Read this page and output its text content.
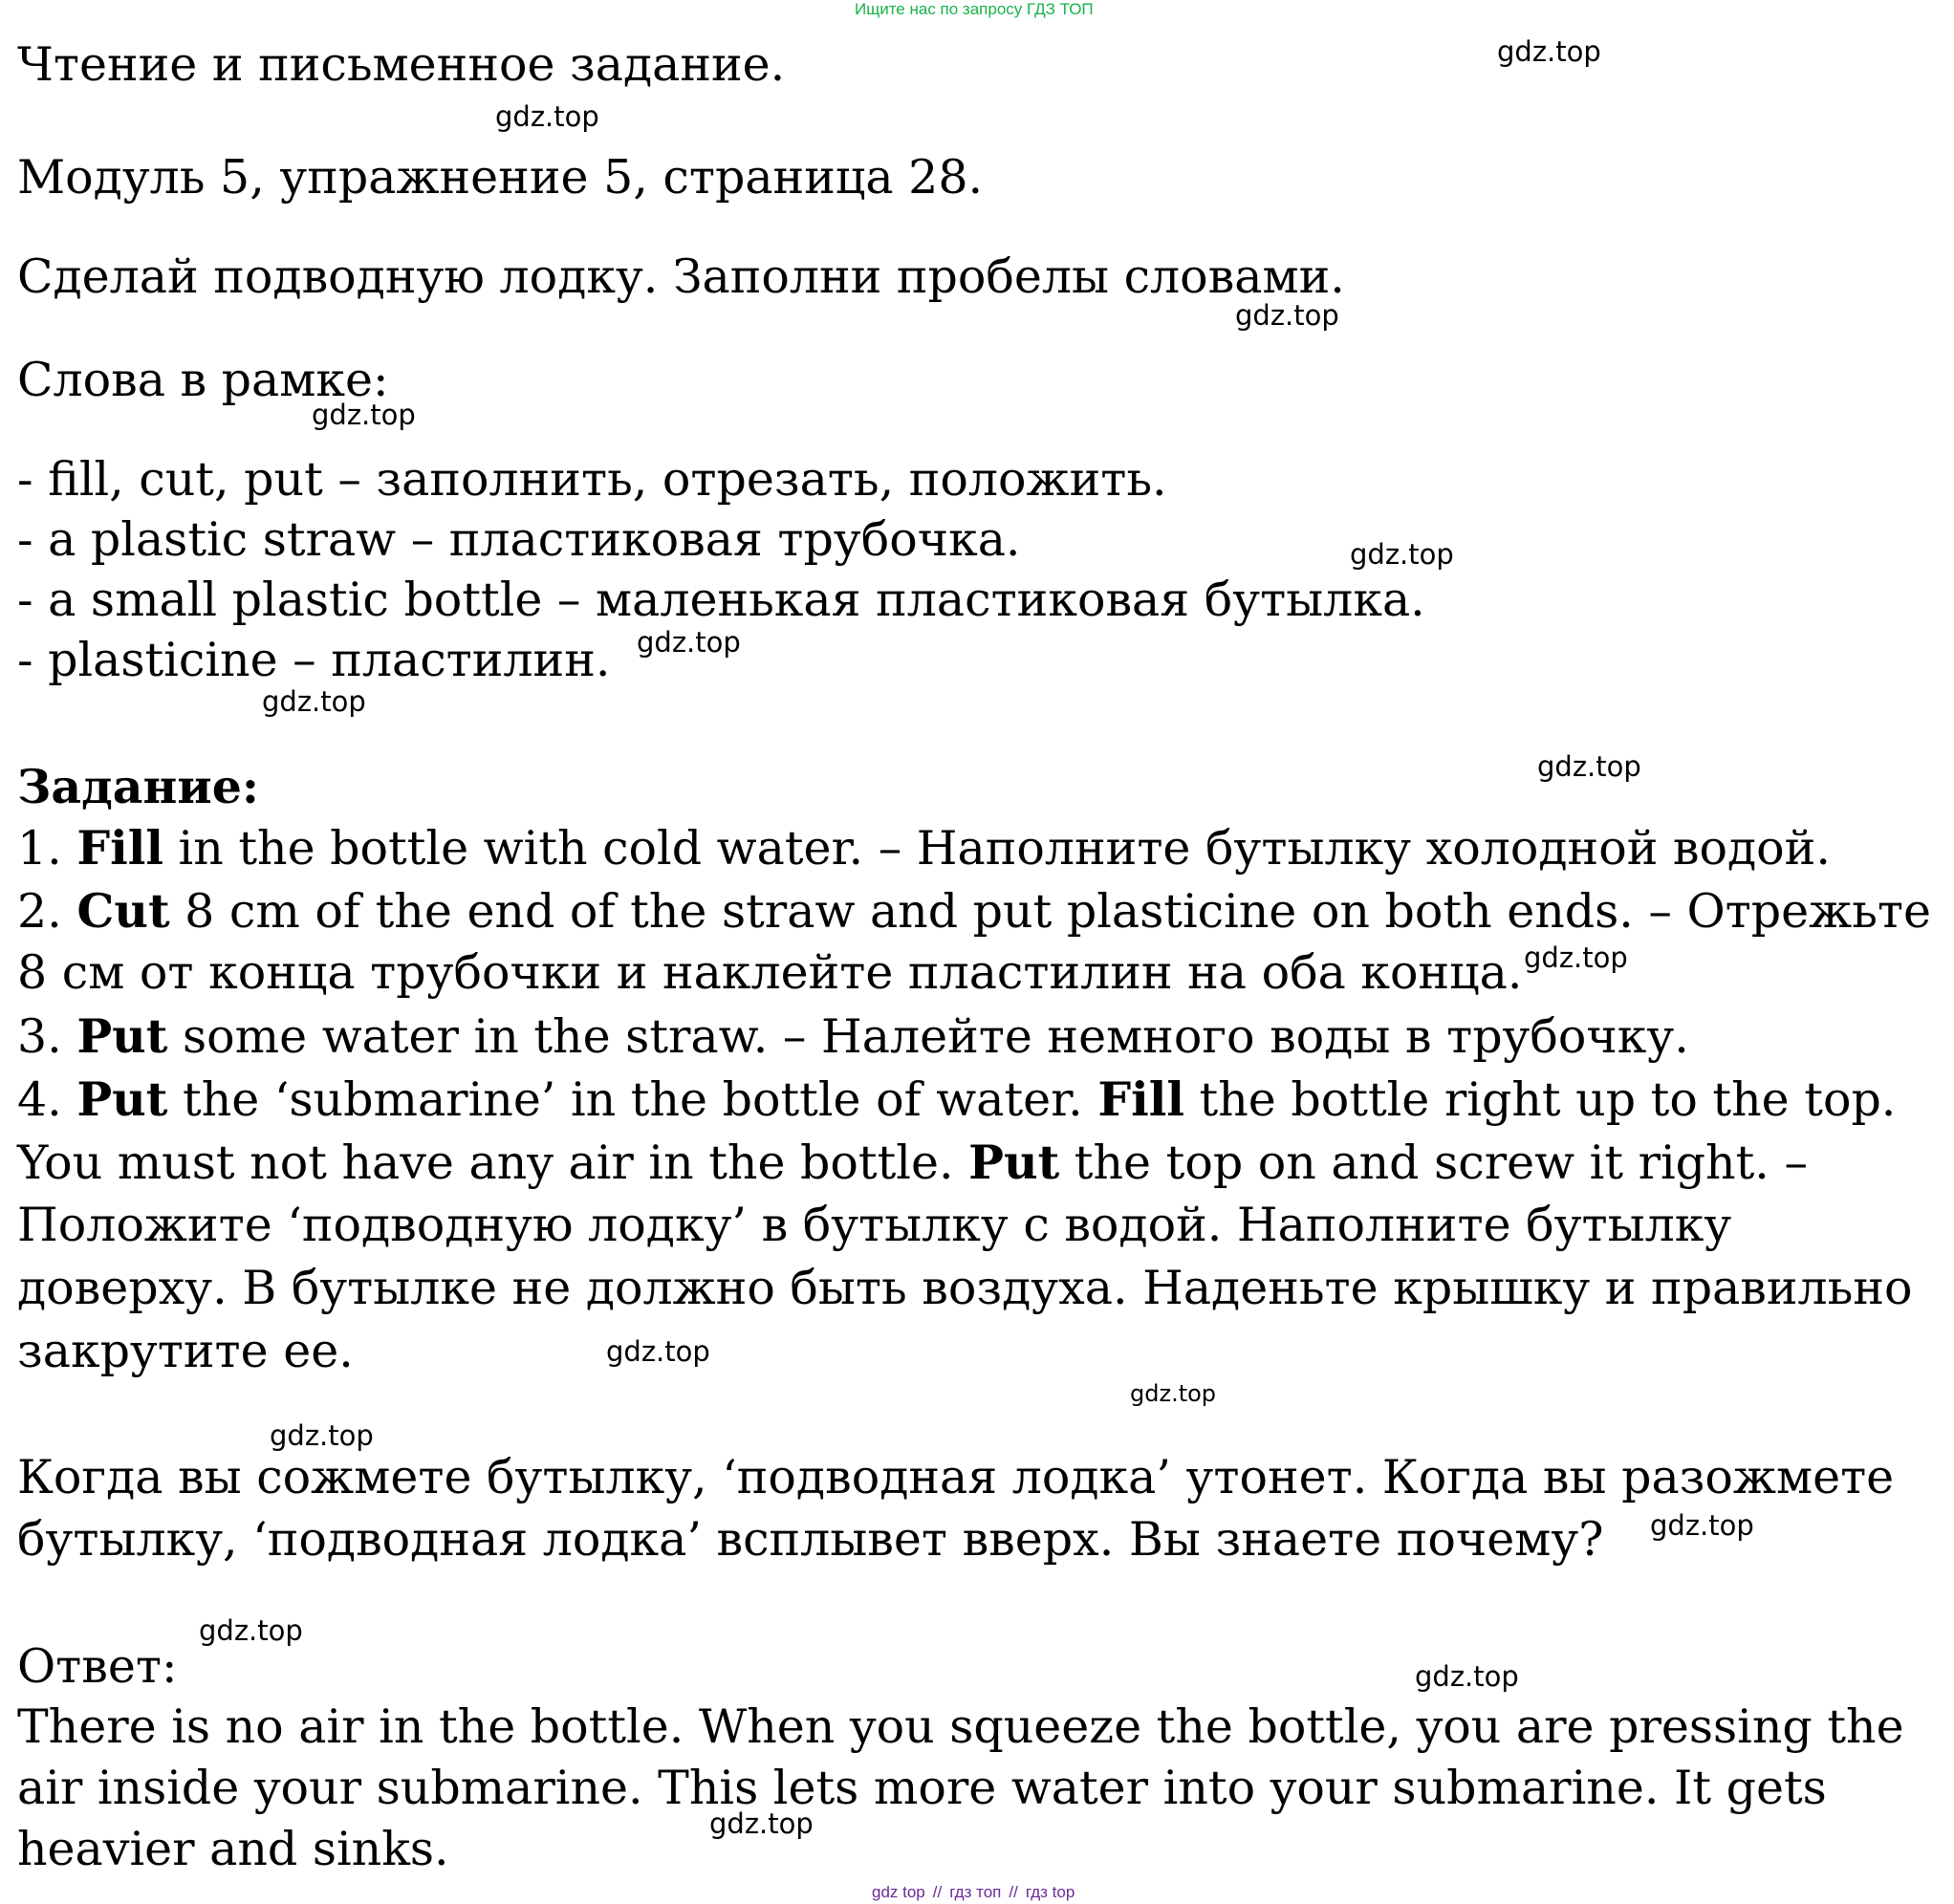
Ищите нас по запросу ГДЗ ТОП
Чтение и письменное задание.
Модуль 5, упражнение 5, страница 28.
Сделай подводную лодку. Заполни пробелы словами.
Слова в рамке:
- fill, cut, put – заполнить, отрезать, положить.
- a plastic straw – пластиковая трубочка.
- a small plastic bottle – маленькая пластиковая бутылка.
- plasticine – пластилин.
Задание:
1. Fill in the bottle with cold water. – Наполните бутылку холодной водой.
2. Cut 8 cm of the end of the straw and put plasticine on both ends. – Отрежьте
8 см от конца трубочки и наклейте пластилин на оба конца.
3. Put some water in the straw. – Налейте немного воды в трубочку.
4. Put the ‘submarine’ in the bottle of water. Fill the bottle right up to the top.
You must not have any air in the bottle. Put the top on and screw it right. –
Положите ‘подводную лодку’ в бутылку с водой. Наполните бутылку
доверху. В бутылке не должно быть воздуха. Наденьте крышку и правильно
закрутите ее.
Когда вы сожмете бутылку, ‘подводная лодка’ утонет. Когда вы разожмете
бутылку, ‘подводная лодка’ всплывет вверх. Вы знаете почему?
Ответ:
There is no air in the bottle. When you squeeze the bottle, you are pressing the
air inside your submarine. This lets more water into your submarine. It gets
heavier and sinks.
gdz.top
gdz.top
gdz.top
gdz.top
gdz.top
gdz.top
gdz.top
gdz.top
gdz.top
gdz.top
gdz.top
gdz.top
gdz.top
gdz.top
gdz.top
gdz.top
gdz top // гдз топ // гдз top
